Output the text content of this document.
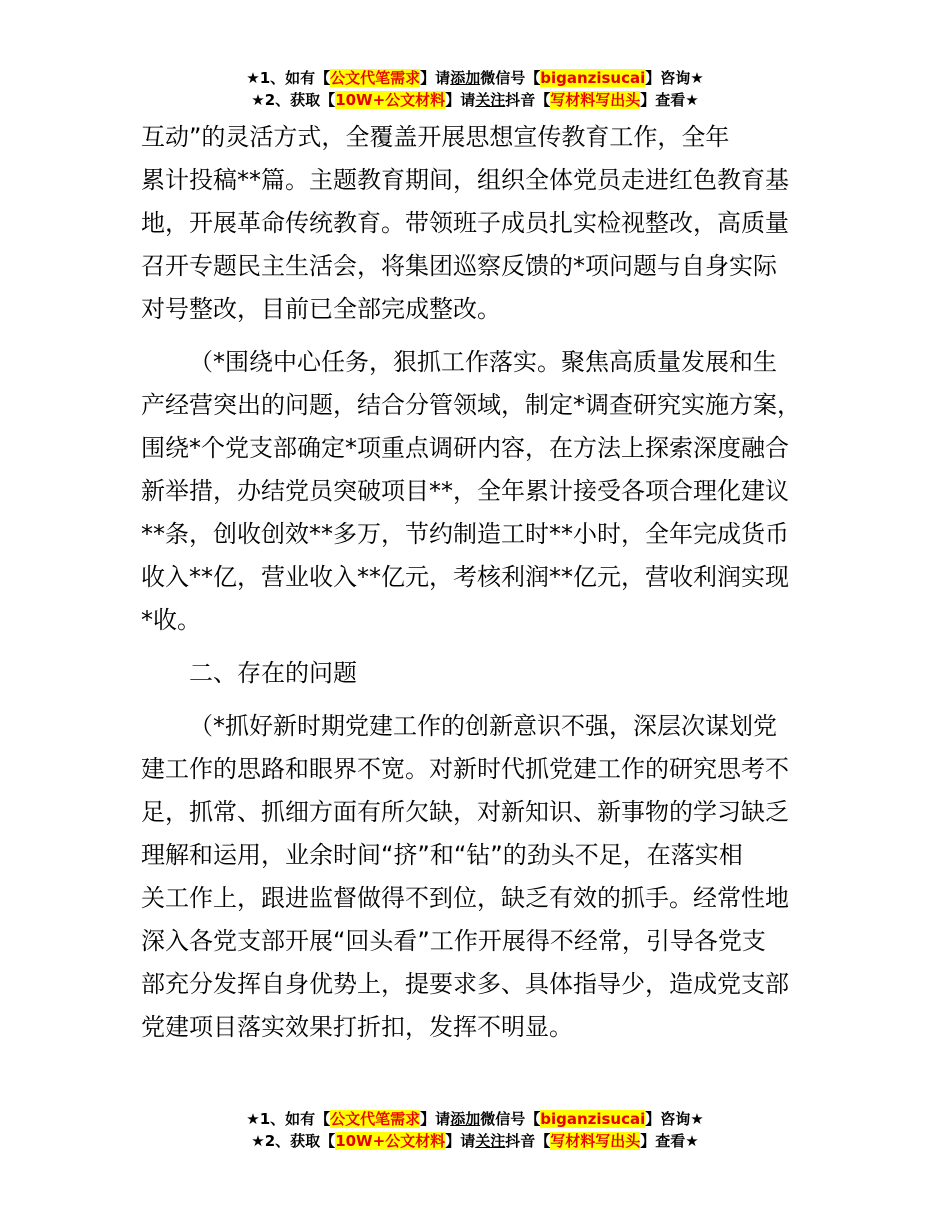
★1、如有【公文代笔需求】请添加微信号【biganzisucai】咨询★
★2、获取【10W+公文材料】请关注抖音【写材料写出头】查看★
互动”的灵活方式，全覆盖开展思想宣传教育工作，全年
累计投稿**篇。主题教育期间，组织全体党员走进红色教育基
地，开展革命传统教育。带领班子成员扎实检视整改，高质量
召开专题民主生活会，将集团巡察反馈的*项问题与自身实际
对号整改，目前已全部完成整改。
（*围绕中心任务，狠抓工作落实。聚焦高质量发展和生
产经营突出的问题，结合分管领域，制定*调查研究实施方案，
围绕*个党支部确定*项重点调研内容，在方法上探索深度融合
新举措，办结党员突破项目**，全年累计接受各项合理化建议
**条，创收创效**多万，节约制造工时**小时，全年完成货币
收入**亿，营业收入**亿元，考核利润**亿元，营收利润实现
*收。
二、存在的问题
（*抓好新时期党建工作的创新意识不强，深层次谋划党
建工作的思路和眼界不宽。对新时代抓党建工作的研究思考不
足，抓常、抓细方面有所欠缺，对新知识、新事物的学习缺乏
理解和运用，业余时间“挤”和“钻”的劲头不足，在落实相
关工作上，跟进监督做得不到位，缺乏有效的抓手。经常性地
深入各党支部开展“回头看”工作开展得不经常，引导各党支
部充分发挥自身优势上，提要求多、具体指导少，造成党支部
党建项目落实效果打折扣，发挥不明显。
★1、如有【公文代笔需求】请添加微信号【biganzisucai】咨询★
★2、获取【10W+公文材料】请关注抖音【写材料写出头】查看★
